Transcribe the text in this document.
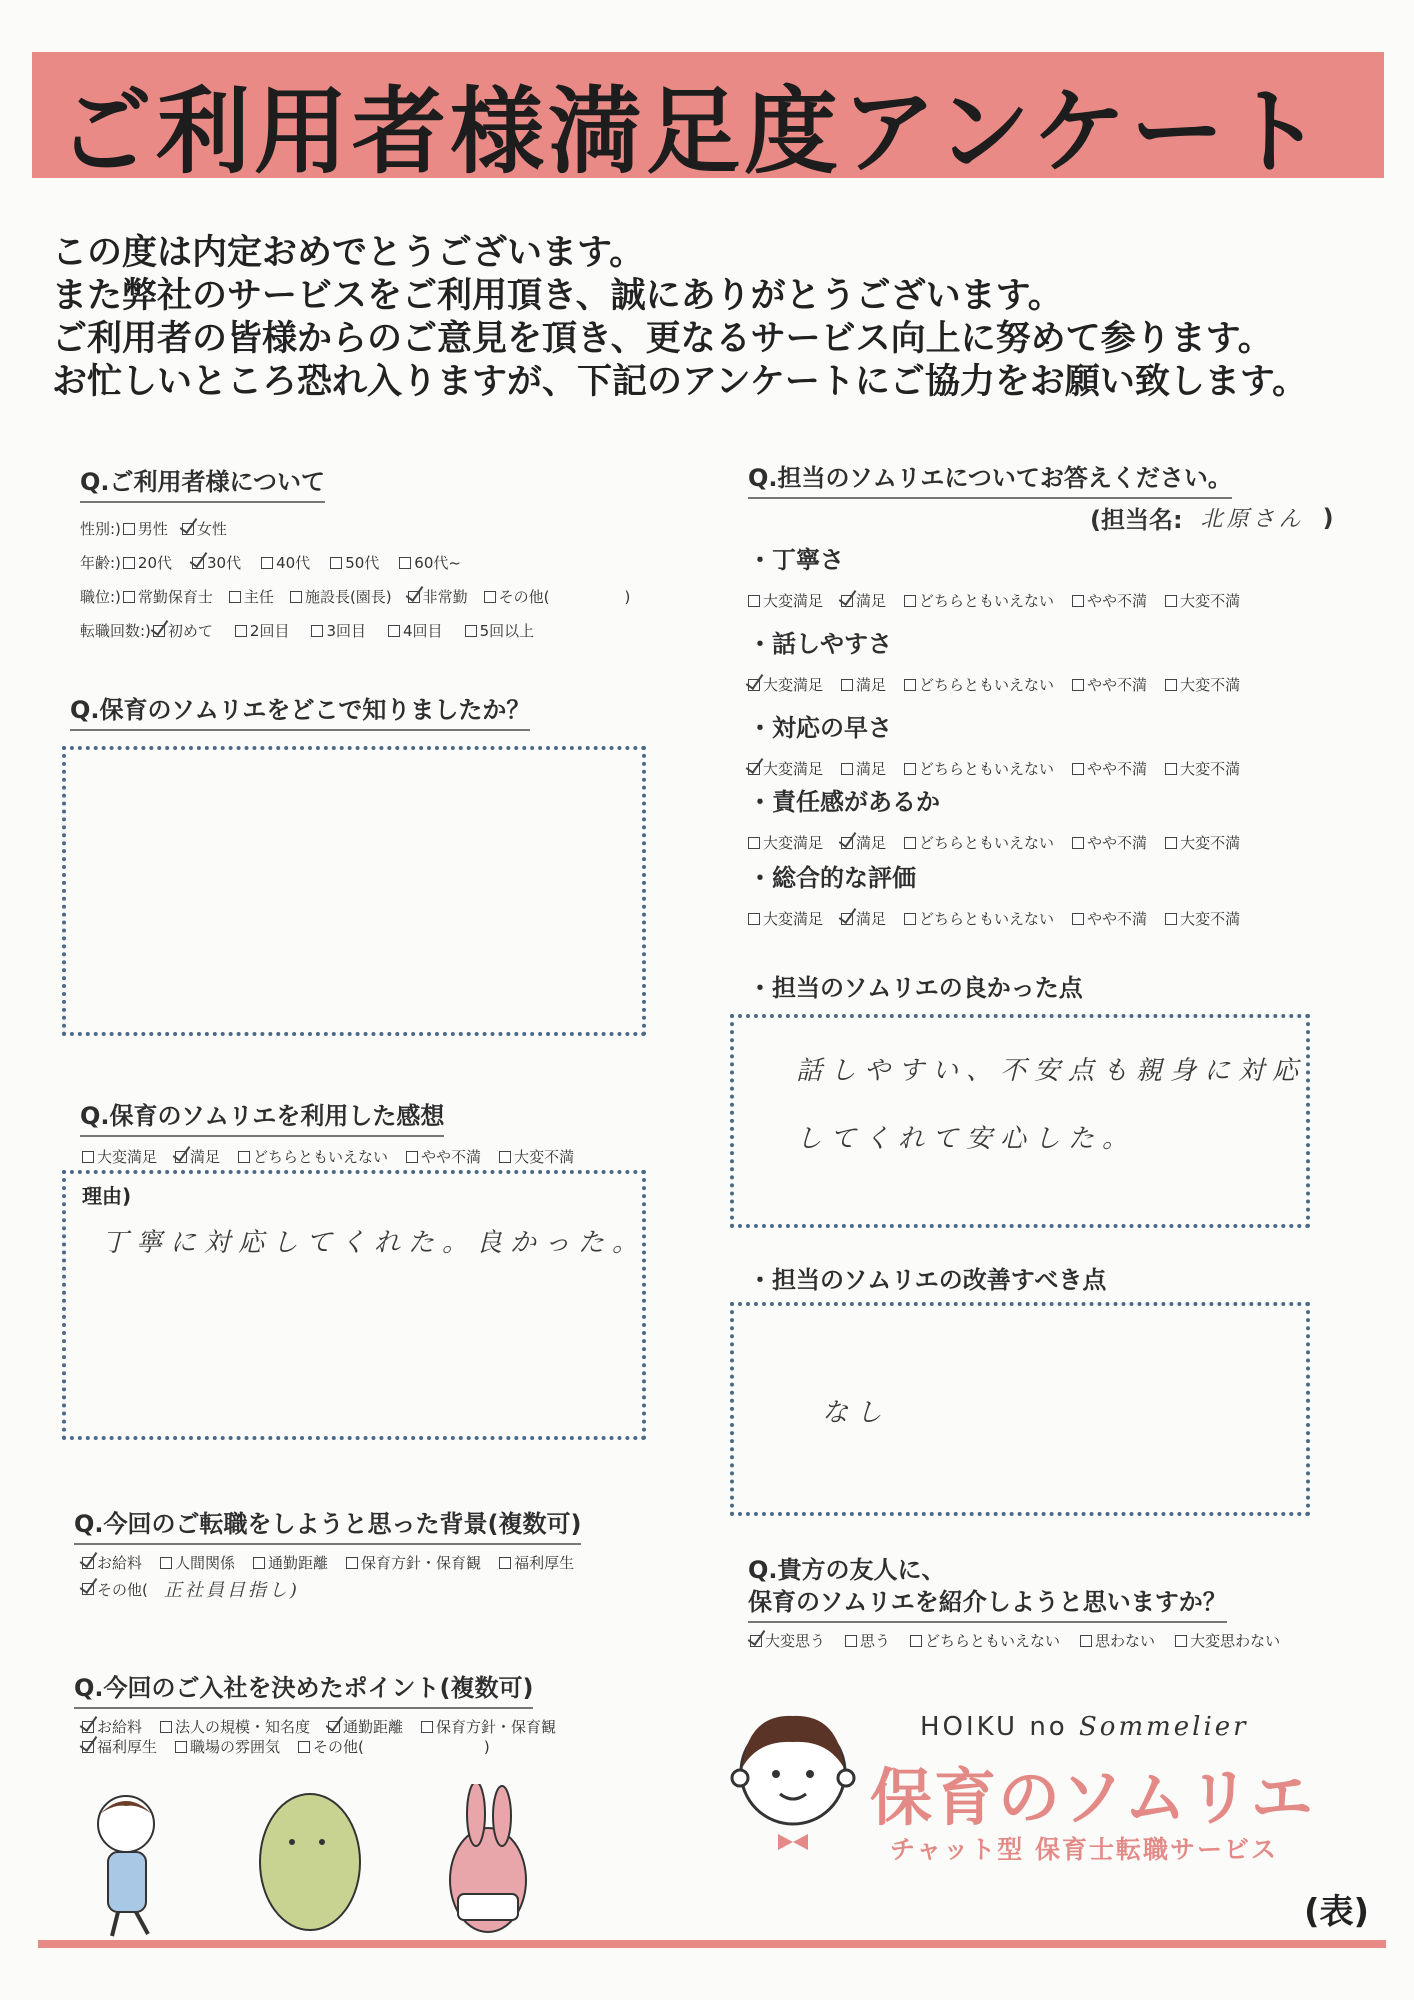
ご利用者様満足度アンケート
この度は内定おめでとうございます。
また弊社のサービスをご利用頂き、誠にありがとうございます。
ご利用者の皆様からのご意見を頂き、更なるサービス向上に努めて参ります。
お忙しいところ恐れ入りますが、下記のアンケートにご協力をお願い致します。
Q.ご利用者様について
性別:) 男性 女性
年齢:) 20代 30代 40代 50代 60代~
職位:) 常勤保育士 主任 施設長(園長) 非常勤 その他(　　　　　)
転職回数:) 初めて 2回目 3回目 4回目 5回以上
Q.保育のソムリエをどこで知りましたか？
Q.保育のソムリエを利用した感想
大変満足 満足 どちらともいえない やや不満 大変不満
理由)
丁寧に対応してくれた。良かった。
Q.今回のご転職をしようと思った背景(複数可)
お給料 人間関係 通勤距離 保育方針・保育観 福利厚生
その他( 正社員目指し)
Q.今回のご入社を決めたポイント(複数可)
お給料 法人の規模・知名度 通勤距離 保育方針・保育観
福利厚生 職場の雰囲気 その他(　　　　　　　　)
Q.担当のソムリエについてお答えください。
(担当名: 北原さん )
・丁寧さ
大変満足 満足 どちらともいえない やや不満 大変不満
・話しやすさ
大変満足 満足 どちらともいえない やや不満 大変不満
・対応の早さ
大変満足 満足 どちらともいえない やや不満 大変不満
・責任感があるか
大変満足 満足 どちらともいえない やや不満 大変不満
・総合的な評価
大変満足 満足 どちらともいえない やや不満 大変不満
・担当のソムリエの良かった点
話しやすい、不安点も親身に対応
してくれて安心した。
・担当のソムリエの改善すべき点
なし
Q.貴方の友人に、
保育のソムリエを紹介しようと思いますか？
大変思う 思う どちらともいえない 思わない 大変思わない
HOIKU no Sommelier
保育のソムリエ
チャット型 保育士転職サービス
(表)
